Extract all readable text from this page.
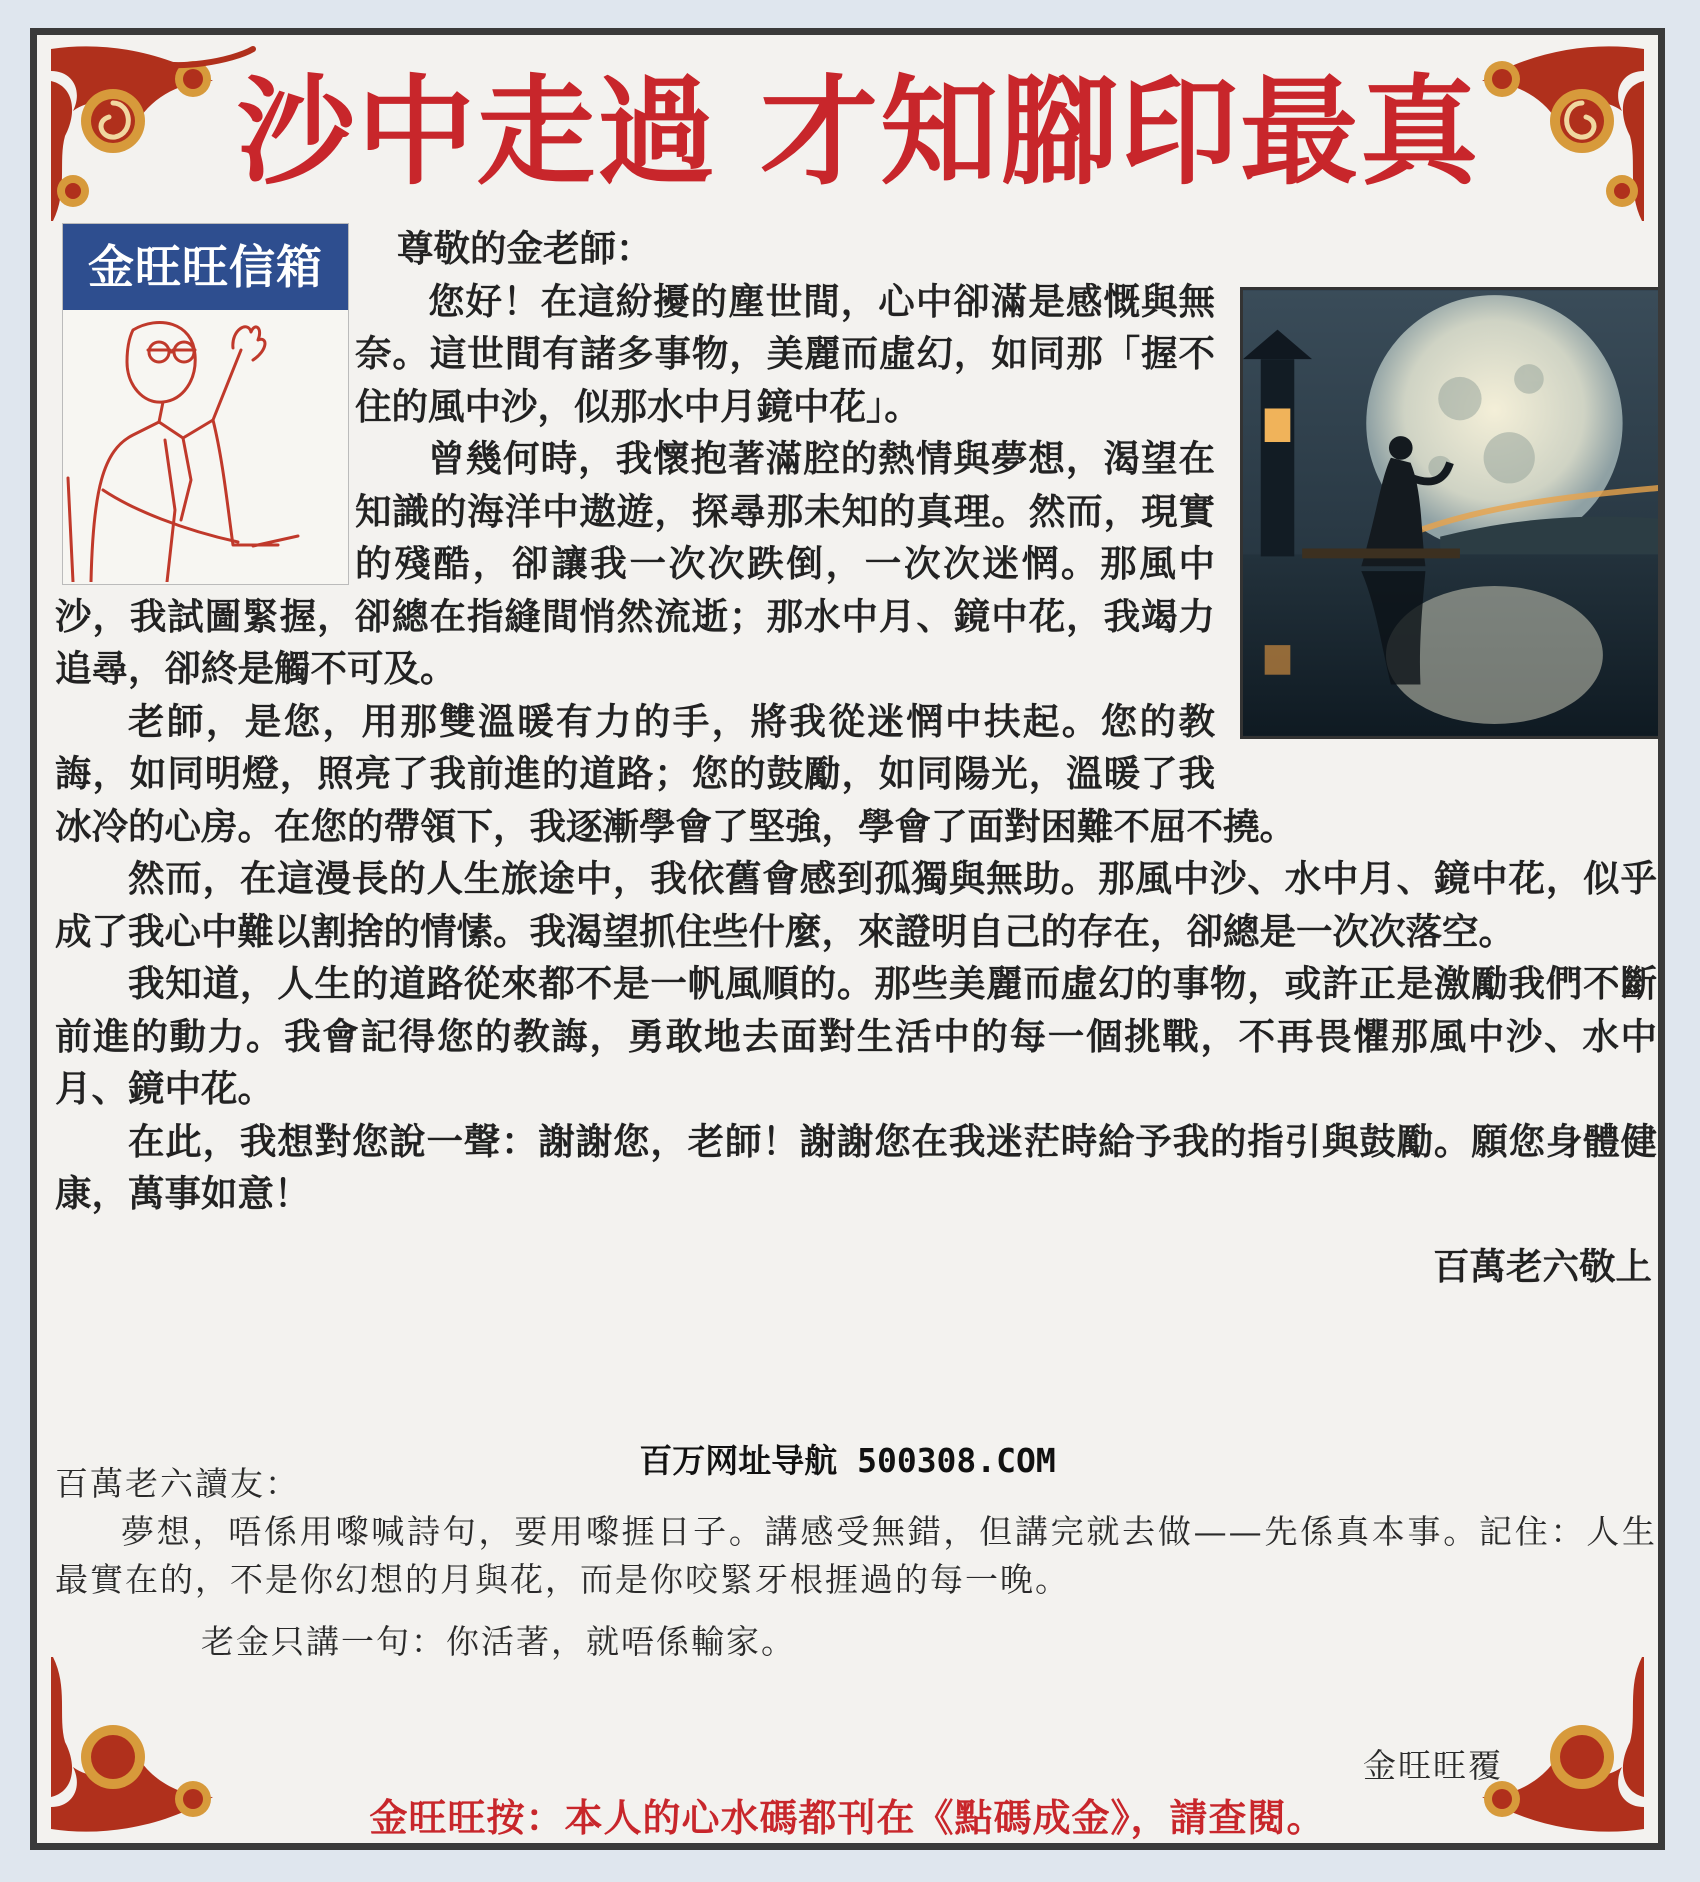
沙中走過 才知腳印最真
金旺旺信箱	尊敬的金老師：

您好！在這紛擾的塵世間，心中卻滿是感慨與無奈。這世間有諸多事物，美麗而虛幻，如同那「握不住的風中沙，似那水中月鏡中花」。

曾幾何時，我懷抱著滿腔的熱情與夢想，渴望在知識的海洋中遨遊，探尋那未知的真理。然而，現實的殘酷，卻讓我一次次跌倒，一次次迷惘。那風中沙，我試圖緊握，卻總在指縫間悄然流逝；那水中月、鏡中花，我竭力追尋，卻終是觸不可及。

老師，是您，用那雙溫暖有力的手，將我從迷惘中扶起。您的教誨，如同明燈，照亮了我前進的道路；您的鼓勵，如同陽光，溫暖了我冰冷的心房。在您的帶領下，我逐漸學會了堅強，學會了面對困難不屈不撓。

然而，在這漫長的人生旅途中，我依舊會感到孤獨與無助。那風中沙、水中月、鏡中花，似乎成了我心中難以割捨的情愫。我渴望抓住些什麼，來證明自己的存在，卻總是一次次落空。

我知道，人生的道路從來都不是一帆風順的。那些美麗而虛幻的事物，或許正是激勵我們不斷前進的動力。我會記得您的教誨，勇敢地去面對生活中的每一個挑戰，不再畏懼那風中沙、水中月、鏡中花。

在此，我想對您說一聲：謝謝您，老師！謝謝您在我迷茫時給予我的指引與鼓勵。願您身體健康，萬事如意！

百萬老六敬上

百万网址导航 500308.COM

百萬老六讀友：

夢想，唔係用嚟喊詩句，要用嚟捱日子。講感受無錯，但講完就去做——先係真本事。記住：人生最實在的，不是你幻想的月與花，而是你咬緊牙根捱過的每一晚。

老金只講一句：你活著，就唔係輸家。

金旺旺覆
金旺旺按：本人的心水碼都刊在《點碼成金》，請查閱。
